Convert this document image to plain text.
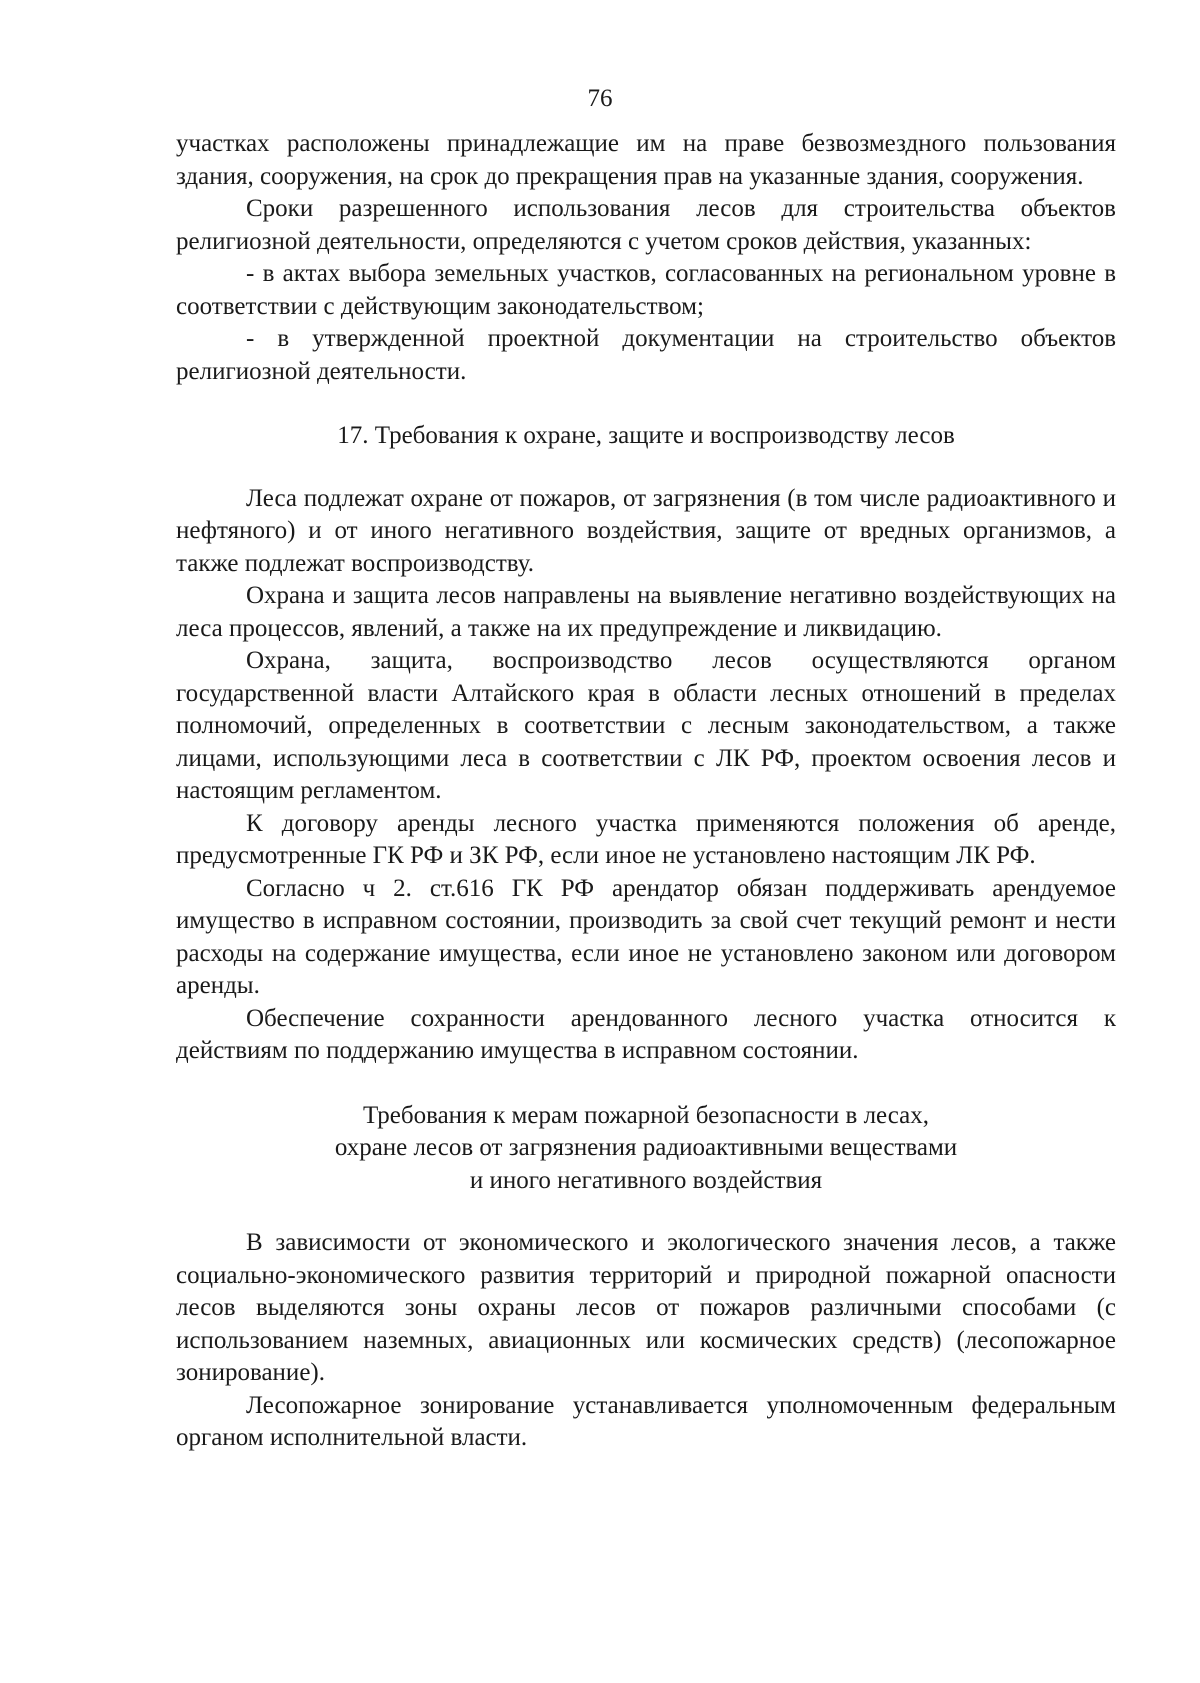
76

участках расположены принадлежащие им на праве безвозмездного пользования здания, сооружения, на срок до прекращения прав на указанные здания, сооружения.

Сроки разрешенного использования лесов для строительства объектов религиозной деятельности, определяются с учетом сроков действия, указанных:

- в актах выбора земельных участков, согласованных на региональном уровне в соответствии с действующим законодательством;

- в утвержденной проектной документации на строительство объектов религиозной деятельности.

17. Требования к охране, защите и воспроизводству лесов

Леса подлежат охране от пожаров, от загрязнения (в том числе радиоактивного и нефтяного) и от иного негативного воздействия, защите от вредных организмов, а также подлежат воспроизводству.

Охрана и защита лесов направлены на выявление негативно воздействующих на леса процессов, явлений, а также на их предупреждение и ликвидацию.

Охрана, защита, воспроизводство лесов осуществляются органом государственной власти Алтайского края в области лесных отношений в пределах полномочий, определенных в соответствии с лесным законодательством, а также лицами, использующими леса в соответствии с ЛК РФ, проектом освоения лесов и настоящим регламентом.

К договору аренды лесного участка применяются положения об аренде, предусмотренные ГК РФ и ЗК РФ, если иное не установлено настоящим ЛК РФ.

Согласно ч 2. ст.616 ГК РФ арендатор обязан поддерживать арендуемое имущество в исправном состоянии, производить за свой счет текущий ремонт и нести расходы на содержание имущества, если иное не установлено законом или договором аренды.

Обеспечение сохранности арендованного лесного участка относится к действиям по поддержанию имущества в исправном состоянии.

Требования к мерам пожарной безопасности в лесах,
охране лесов от загрязнения радиоактивными веществами
и иного негативного воздействия

В зависимости от экономического и экологического значения лесов, а также социально-экономического развития территорий и природной пожарной опасности лесов выделяются зоны охраны лесов от пожаров различными способами (с использованием наземных, авиационных или космических средств) (лесопожарное зонирование).

Лесопожарное зонирование устанавливается уполномоченным федеральным органом исполнительной власти.
